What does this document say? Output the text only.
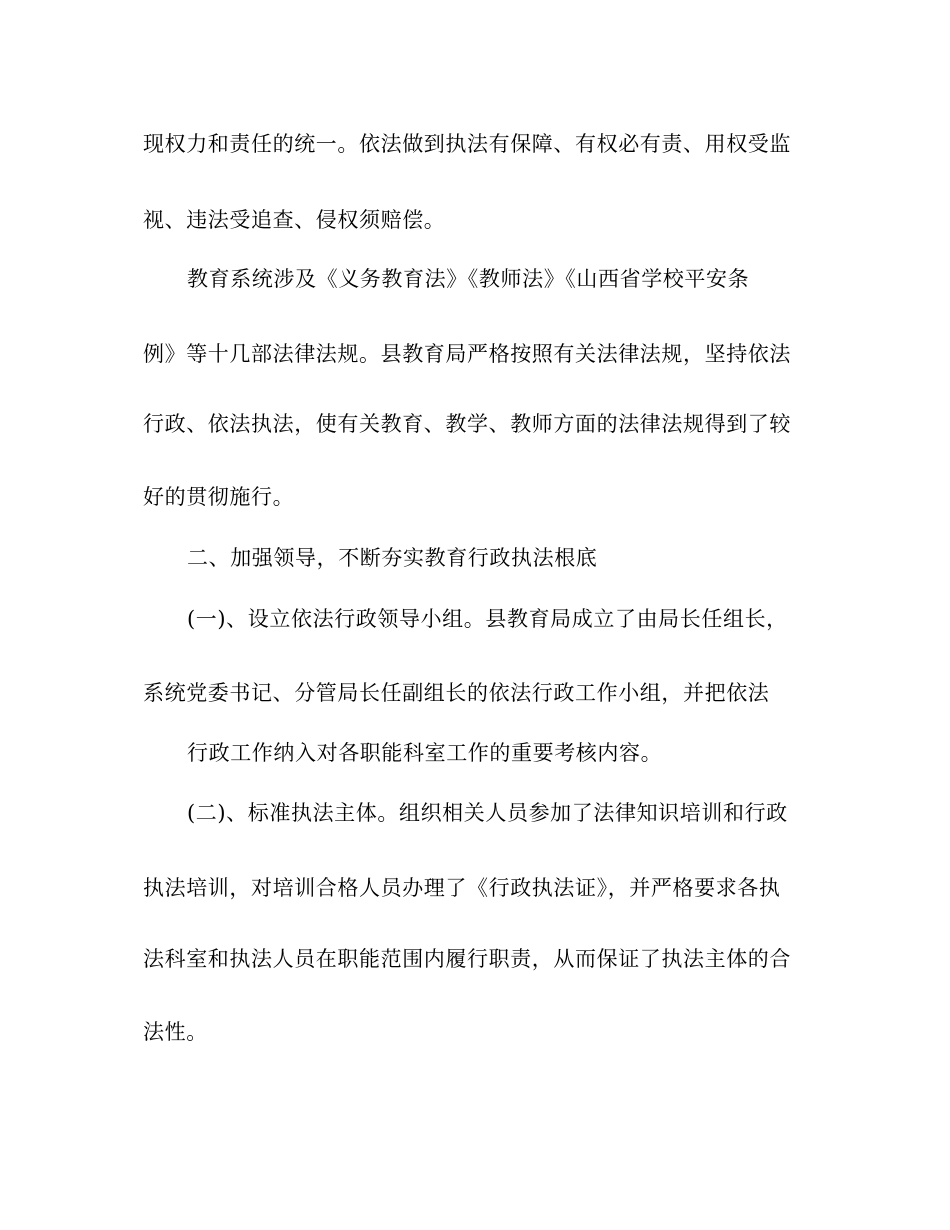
现权力和责任的统一。依法做到执法有保障、有权必有责、用权受监

视、违法受追查、侵权须赔偿。

教育系统涉及《义务教育法》《教师法》《山西省学校平安条

例》等十几部法律法规。县教育局严格按照有关法律法规，坚持依法

行政、依法执法，使有关教育、教学、教师方面的法律法规得到了较

好的贯彻施行。

二、加强领导，不断夯实教育行政执法根底

(一)、设立依法行政领导小组。县教育局成立了由局长任组长，

系统党委书记、分管局长任副组长的依法行政工作小组，并把依法

行政工作纳入对各职能科室工作的重要考核内容。

(二)、标准执法主体。组织相关人员参加了法律知识培训和行政

执法培训，对培训合格人员办理了《行政执法证》，并严格要求各执

法科室和执法人员在职能范围内履行职责，从而保证了执法主体的合

法性。
